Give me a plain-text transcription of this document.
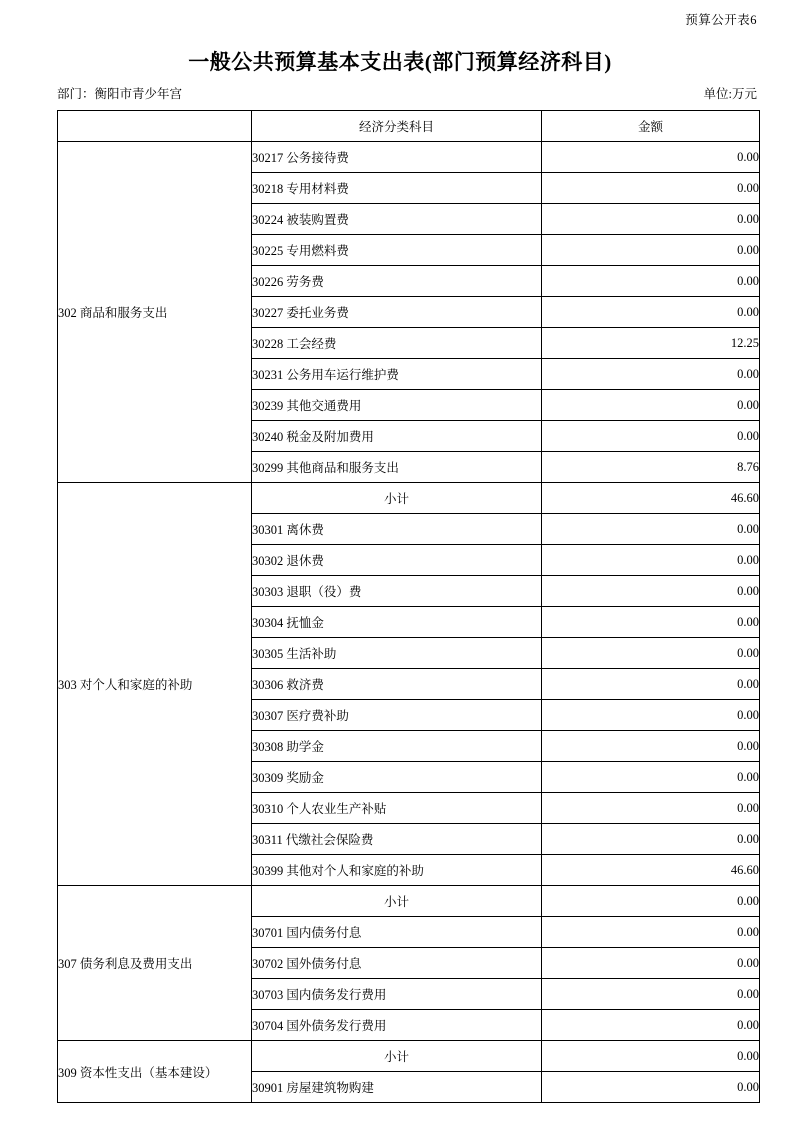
预算公开表6
一般公共预算基本支出表(部门预算经济科目)
部门：衡阳市青少年宫	单位:万元
	经济分类科目	金额
302 商品和服务支出	30217 公务接待费	0.00
	30218 专用材料费	0.00
	30224 被装购置费	0.00
	30225 专用燃料费	0.00
	30226 劳务费	0.00
	30227 委托业务费	0.00
	30228 工会经费	12.25
	30231 公务用车运行维护费	0.00
	30239 其他交通费用	0.00
	30240 税金及附加费用	0.00
	30299 其他商品和服务支出	8.76
303 对个人和家庭的补助	小计	46.60
	30301 离休费	0.00
	30302 退休费	0.00
	30303 退职（役）费	0.00
	30304 抚恤金	0.00
	30305 生活补助	0.00
	30306 救济费	0.00
	30307 医疗费补助	0.00
	30308 助学金	0.00
	30309 奖励金	0.00
	30310 个人农业生产补贴	0.00
	30311 代缴社会保险费	0.00
	30399 其他对个人和家庭的补助	46.60
307 债务利息及费用支出	小计	0.00
	30701 国内债务付息	0.00
	30702 国外债务付息	0.00
	30703 国内债务发行费用	0.00
	30704 国外债务发行费用	0.00
309 资本性支出（基本建设）	小计	0.00
	30901 房屋建筑物购建	0.00
